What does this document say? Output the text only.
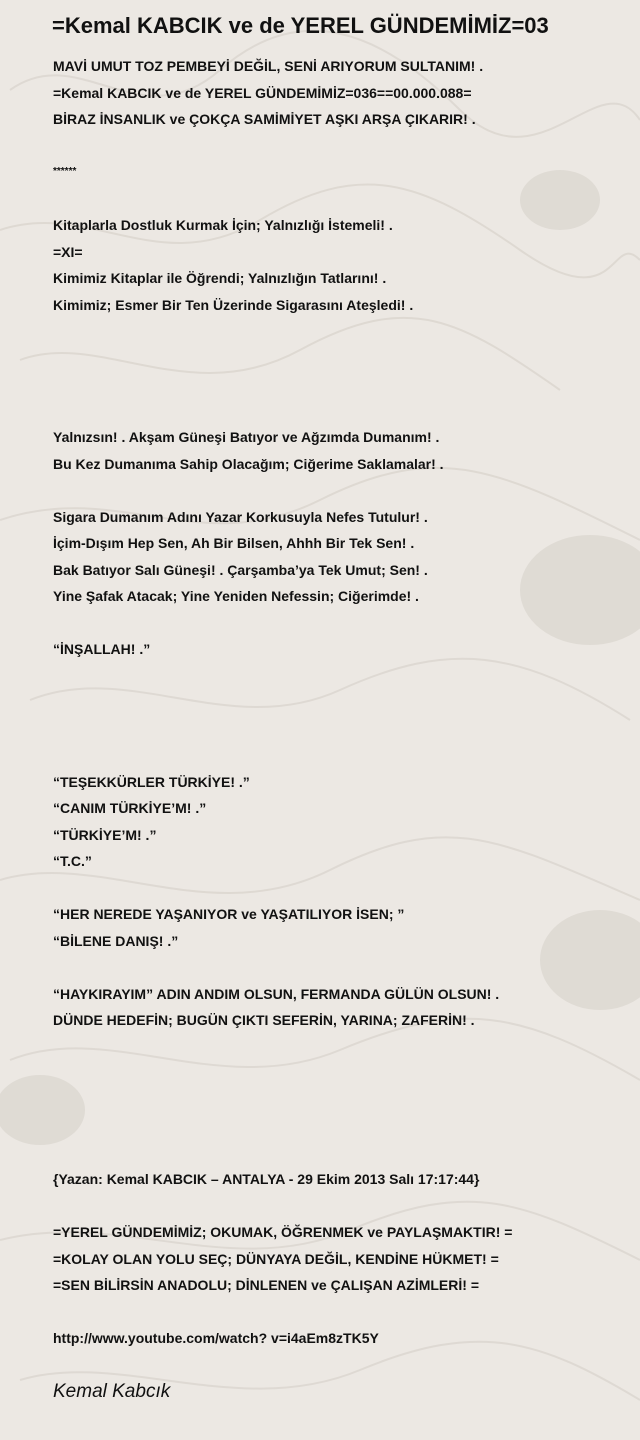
=Kemal KABCIK ve de YEREL GÜNDEMİMİZ=03
MAVİ UMUT TOZ PEMBEYİ DEĞİL, SENİ ARIYORUM SULTANIM! .
=Kemal KABCIK ve de YEREL GÜNDEMİMİZ=036==00.000.088=
BİRAZ İNSANLIK ve ÇOKÇA SAMİMİYET AŞKI ARŞA ÇIKARIR! .

******

Kitaplarla Dostluk Kurmak İçin; Yalnızlığı İstemeli! .
=XI=
Kimimiz Kitaplar ile Öğrendi; Yalnızlığın Tatlarını! .
Kimimiz; Esmer Bir Ten Üzerinde Sigarasını Ateşledi! .

Yalnızsın! . Akşam Güneşi Batıyor ve Ağzımda Dumanım! .
Bu Kez Dumanıma Sahip Olacağım; Ciğerime Saklamalar! .

Sigara Dumanım Adını Yazar Korkusuyla Nefes Tutulur! .
İçim-Dışım Hep Sen, Ah Bir Bilsen, Ahhh Bir Tek Sen! .
Bak Batıyor Salı Güneşi! . Çarşamba’ya Tek Umut; Sen! .
Yine Şafak Atacak; Yine Yeniden Nefessin; Ciğerimde! .

“İNŞALLAH! .”

“TEŞEKKÜRLER TÜRKİYE! .”
“CANIM TÜRKİYE’M! .”
“TÜRKİYE’M! .”
“T.C.”

“HER NEREDE YAŞANIYOR ve YAŞATILIYOR İSEN; ”
“BİLENE DANIŞ! .”

“HAYKIRAYIM” ADIN ANDIM OLSUN, FERMANDA GÜLÜN OLSUN! .
DÜNDE HEDEFİN; BUGÜN ÇIKTI SEFERİN, YARINA; ZAFERİN! .

{Yazan: Kemal KABCIK – ANTALYA - 29 Ekim 2013 Salı 17:17:44}

=YEREL GÜNDEMİMİZ; OKUMAK, ÖĞRENMEK ve PAYLAŞMAKTIR! =
=KOLAY OLAN YOLU SEÇ; DÜNYAYA DEĞİL, KENDİNE HÜKMET! =
=SEN BİLİRSİN ANADOLU; DİNLENEN ve ÇALIŞAN AZİMLERİ! =

http://www.youtube.com/watch? v=i4aEm8zTK5Y
Kemal Kabcık
